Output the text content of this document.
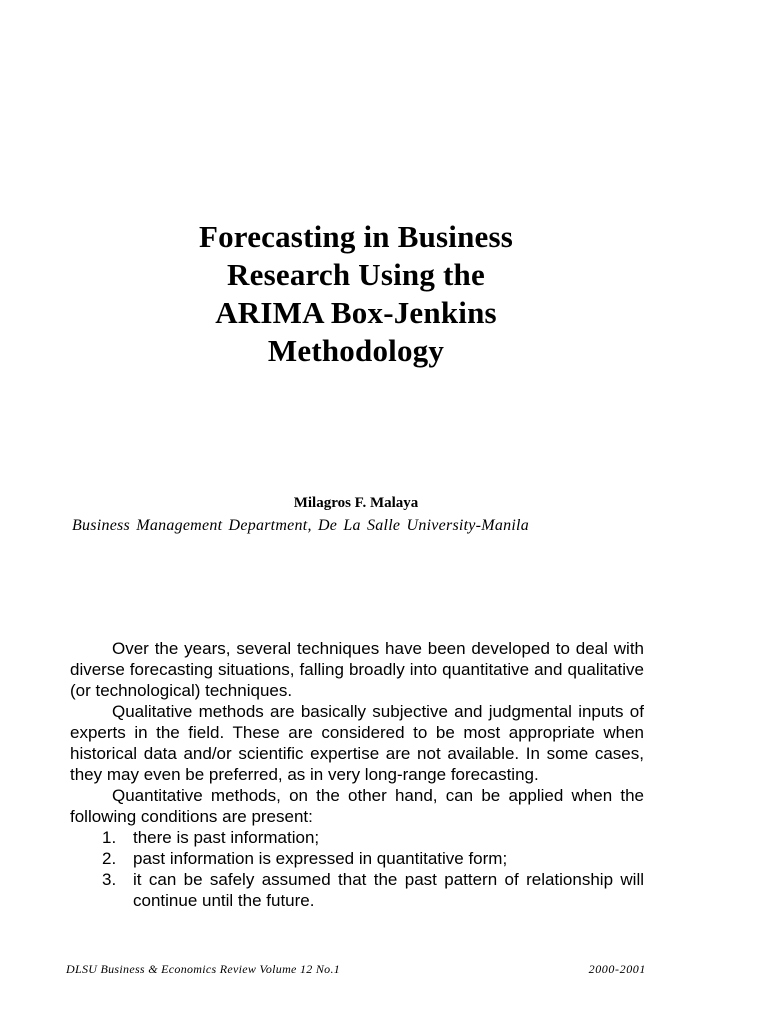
Forecasting in Business
Research Using the
ARIMA Box-Jenkins
Methodology
Milagros F. Malaya
Business Management Department, De La Salle University-Manila

Over the years, several techniques have been developed to deal with diverse forecasting situations, falling broadly into quantitative and qualitative (or technological) techniques.

Qualitative methods are basically subjective and judgmental inputs of experts in the field. These are considered to be most appropriate when historical data and/or scientific expertise are not available. In some cases, they may even be preferred, as in very long-range forecasting.

Quantitative methods, on the other hand, can be applied when the following conditions are present:

1. there is past information;
2. past information is expressed in quantitative form;
3. it can be safely assumed that the past pattern of relationship will continue until the future.
DLSU Business & Economics Review Volume 12 No.1	2000-2001
